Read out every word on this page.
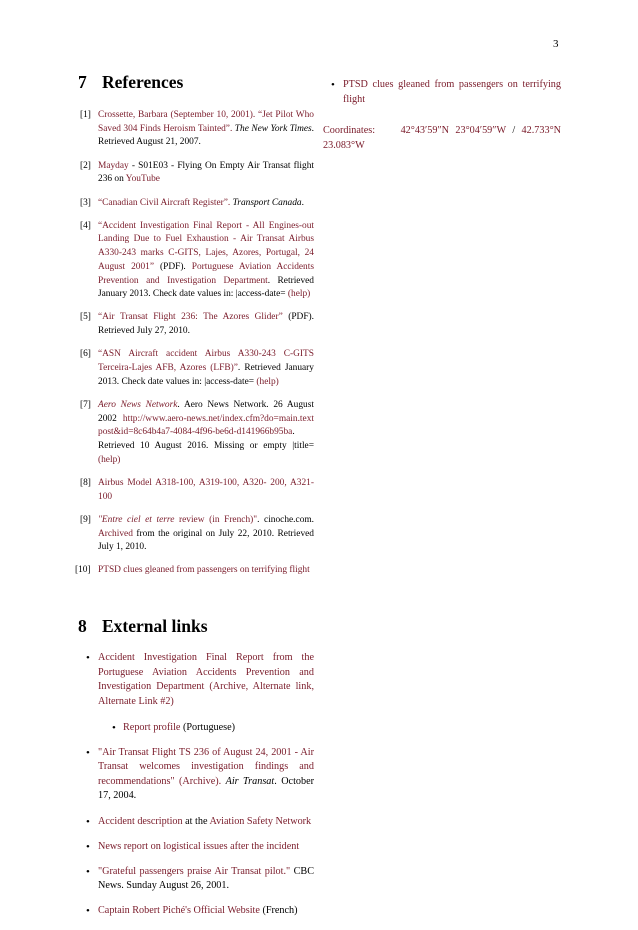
3
7 References
[1] Crossette, Barbara (September 10, 2001). “Jet Pilot Who Saved 304 Finds Heroism Tainted”. The New York Times. Retrieved August 21, 2007.
[2] Mayday - S01E03 - Flying On Empty Air Transat flight 236 on YouTube
[3] “Canadian Civil Aircraft Register”. Transport Canada.
[4] “Accident Investigation Final Report - All Engines-out Landing Due to Fuel Exhaustion - Air Transat Airbus A330-243 marks C-GITS, Lajes, Azores, Portugal, 24 August 2001” (PDF). Portuguese Aviation Accidents Prevention and Investigation Department. Retrieved January 2013. Check date values in: |access-date= (help)
[5] “Air Transat Flight 236: The Azores Glider” (PDF). Retrieved July 27, 2010.
[6] “ASN Aircraft accident Airbus A330-243 C-GITS Terceira-Lajes AFB, Azores (LFB)”. Retrieved January 2013. Check date values in: |access-date= (help)
[7] Aero News Network. Aero News Network. 26 August 2002 http://www.aero-news.net/index.cfm?do=main.textpost&id=8c64b4a7-4084-4f96-be6d-d141966b95ba. Retrieved 10 August 2016. Missing or empty |title= (help)
[8] Airbus Model A318-100, A319-100, A320- 200, A321-100
[9] "Entre ciel et terre review (in French)". cinoche.com. Archived from the original on July 22, 2010. Retrieved July 1, 2010.
[10] PTSD clues gleaned from passengers on terrifying flight
8 External links
• Accident Investigation Final Report from the Portuguese Aviation Accidents Prevention and Investigation Department (Archive, Alternate link, Alternate Link #2)
• Report profile (Portuguese)
• "Air Transat Flight TS 236 of August 24, 2001 - Air Transat welcomes investigation findings and recommendations" (Archive). Air Transat. October 17, 2004.
• Accident description at the Aviation Safety Network
• News report on logistical issues after the incident
• "Grateful passengers praise Air Transat pilot." CBC News. Sunday August 26, 2001.
• Captain Robert Piché's Official Website (French)
• PTSD clues gleaned from passengers on terrifying flight
Coordinates:	42°43′59″N 23°04′59″W / 42.733°N 23.083°W
